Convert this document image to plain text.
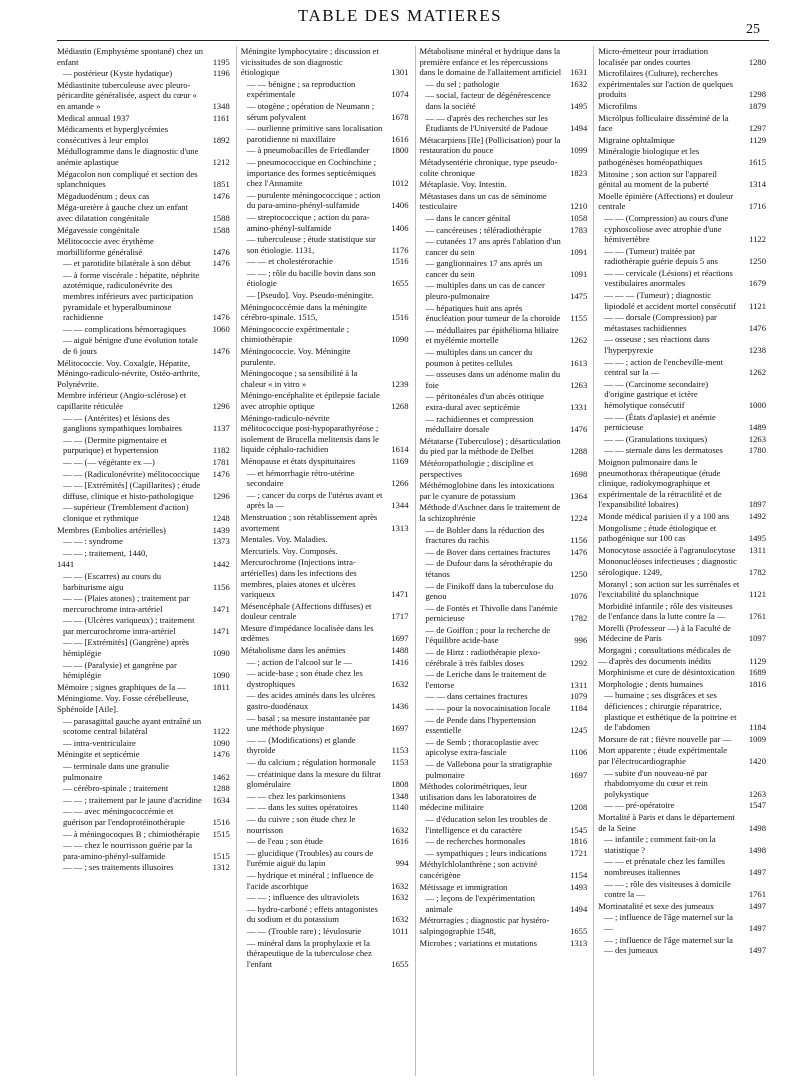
TABLE DES MATIERES
25
Médiastin (Emphysème spontané) chez un enfant	1195
— postérieur (Kyste hydatique)	1196
Médiastinite tuberculeuse avec pleuro-péricardite généralisée, aspect du cœur « en amande »	1348
Medical annual 1937	1161
Médicaments et hyperglycémies consécutives à leur emploi	1892
Médullogramme dans le diagnostic d'une anémie aplastique	1212
Mégacolon non compliqué et section des splanchniques	1851
Mégaduodénum ; deux cas	1476
Méga-uretère à gauche chez un enfant avec dilatation congénitale	1588
Mégavessie congénitale	1588
Mélitococcie avec érythème morbilliforme généralisé	1476
— et parotidite bilatérale à son début	1476
— à forme viscérale : hépatite, néphrite azotémique, radiculonévrite des membres inférieurs avec participation pyramidale et hyperalbuminose rachidienne	1476
— — complications hémorragiques	1060
— aiguë bénigne d'une évolution totale de 6 jours	1476
Mélitococcie. Voy. Coxalgie, Hépatite, Méningo-radiculo-névrite, Ostéo-arthrite, Polynévrite.
Membre inférieur (Angio-sclérose) et capillarite réticulée	1296
— — (Antérites) et lésions des ganglions sympathiques lombaires	1137
— — (Dermite pigmentaire et purpurique) et hypertension	1182
— — (— végétante ex —)	1781
— — (Radiculonévrite) mélitococcique	1476
— — [Extrémités] (Capillarites) ; étude diffuse, clinique et histo-pathologique	1296
— supérieur (Tremblement d'action) clonique et rythmique	1248
Membres (Embolies artérielles)	1439
— — : syndrome	1373
— — ; traitement, 1440,
1441	1442
— — (Escarres) au cours du barbiturisme aigu	1156
— — (Plaies atones) ; traitement par mercurochrome intra-artériel	1471
— — (Ulcères variqueux) ; traitement par mercurochrome intra-artériel	1471
— — [Extrémités] (Gangrène) après hémiplégie	1090
— — (Paralysie) et gangrène par hémiplégie	1090
Mémoire ; signes graphiques de la —	1811
Méningiome. Voy. Fosse cérébelleuse, Sphénoïde [Aile].
— parasagittal gauche ayant entraîné un scotome central bilatéral	1122
— intra-ventriculaire	1090
Méningite et septicémie	1476
— terminale dans une granulie pulmonaire	1462
— cérébro-spinale ; traitement	1288
— — ; traitement par le jaune d'acridine	1634
— — avec méningococcémie et guérison par l'endoprotéinothérapie	1516
— à méningocoques B ; chimiothérapie	1515
— — chez le nourrisson guérie par la para-amino-phényl-sulfamide	1515
— — ; ses traitements illusoires	1312
Méningite lymphocytaire ; discussion et vicissitudes de son diagnostic étiologique	1301
— — bénigne ; sa reproduction expérimentale	1074
— otogène ; opération de Neumann ; sérum polyvalent	1678
— ourlienne primitive sans localisation parotidienne ni maxillaire	1616
— à pneumobacilles de Friedlander	1800
— pneumococcique en Cochinchine ; importance des formes septicémiques chez l'Annamite	1012
— purulente méningococcique ; action du para-amino-phényl-sulfamide	1406
— streptococcique ; action du para-amino-phényl-sulfamide	1406
— tuberculeuse ; étude statistique sur son étiologie. 1131,	1176
— — et cholestérorachie	1516
— — ; rôle du bacille bovin dans son étiologie	1655
— [Pseudo]. Voy. Pseudo-méningite.
Méningococcémie dans la méningite cérébro-spinale. 1515,	1516
Méningococcie expérimentale ; chimiothérapie	1090
Méningococcie. Voy. Méningite purulente.
Méningocoque ; sa sensibilité à la chaleur « in vitro »	1239
Méningo-encéphalite et épilepsie faciale avec atrophie optique	1268
Méningo-radiculo-névrite mélitococcique post-hypoparathyréose ; isolement de Brucella melitensis dans le liquide céphalo-rachidien	1614
Ménopause et états dyspituitaires	1169
— et hémorrhagie rétro-utérine secondaire	1266
— ; cancer du corps de l'utérus avant et après la —	1344
Menstruation ; son rétablissement après avortement	1313
Mentales. Voy. Maladies.
Mercuriels. Voy. Composés.
Mercurochrome (Injections intra-artérielles) dans les infections des membres, plaies atones et ulcères variqueux	1471
Mésencéphale (Affections diffuses) et douleur centrale	1717
Mesure d'impédance localisée dans les œdèmes	1697
Métabolisme dans les anémies	1488
— ; action de l'alcool sur le —	1416
— acide-base ; son étude chez les dystrophiques	1632
— des acides aminés dans les ulcères gastro-duodénaux	1436
— basal ; sa mesure instantanée par une méthode physique	1697
— — (Modifications) et glande thyroïde	1153
— du calcium ; régulation hormonale	1153
— créatinique dans la mesure du filtrat glomérulaire	1808
— — chez les parkinsoniens	1348
— — dans les suites opératoires	1140
— du cuivre ; son étude chez le nourrisson	1632
— de l'eau ; son étude	1616
— glucidique (Troubles) au cours de l'urémie aiguë du lapin	994
— hydrique et minéral ; influence de l'acide ascorbique	1632
— — ; influence des ultraviolets	1632
— hydro-carboné ; effets antagonistes du sodium et du potassium	1632
— — (Trouble rare) ; lévulosurie	1011
— minéral dans la prophylaxie et la thérapeutique de la tuberculose chez l'enfant	1655
Métabolisme minéral et hydrique dans la première enfance et les répercussions dans le domaine de l'allaitement artificiel	1631
— du sel ; pathologie	1632
— social, facteur de dégénérescence dans la société	1495
— — d'après des recherches sur les Étudiants de l'Université de Padoue	1494
Métacarpiens [IIe] (Pollicisation) pour la restauration du pouce	1099
Métadysentérie chronique, type pseudo-colite chronique	1823
Métaplasie. Voy. Intestin.
Métastases dans un cas de séminome testiculaire	1210
— dans le cancer génital	1058
— cancéreuses ; téléradiothérapie	1783
— cutanées 17 ans après l'ablation d'un cancer du sein	1091
— ganglionnaires 17 ans après un cancer du sein	1091
— multiples dans un cas de cancer pleuro-pulmonaire	1475
— hépatiques huit ans après énucléation pour tumeur de la choroïde	1155
— médullaires par épithélioma biliaire et myélémie mortelle	1262
— multiples dans un cancer du poumon à petites cellules	1613
— osseuses dans un adénome malin du foie	1263
— péritonéales d'un abcès otitique extra-dural avec septicémie	1331
— rachidiennes et compression médullaire dorsale	1476
Métatarse (Tuberculose) ; désarticulation du pied par la méthode de Delbet	1288
Météoropathologie ; discipline et perspectives	1698
Méthémoglobine dans les intoxications par le cyanure de potassium	1364
Méthode d'Aschner dans le traitement de la schizophrénie	1224
— de Bohler dans la réduction des fractures du rachis	1156
— de Bover dans certaines fractures	1476
— de Dufour dans la sérothérapie du tétanos	1250
— de Finikoff dans la tuberculose du genou	1076
— de Fontès et Thivolle dans l'anémie pernicieuse	1782
— de Goiffon ; pour la recherche de l'équilibre acide-base	996
— de Hirtz : radiothérapie plexo-cérébrale à très faibles doses	1292
— de Leriche dans le traitement de l'entorse	1311
— — dans certaines fractures	1079
— — pour la novocainisation locale	1184
— de Pende dans l'hypertension essentielle	1245
— de Semb ; thoracoplastie avec apicolyse extra-fasciale	1106
— de Vallebona pour la stratigraphie pulmonaire	1697
Méthodes colorimétriques, leur utilisation dans les laboratoires de médecine militaire	1208
— d'éducation selon les troubles de l'intelligence et du caractère	1545
— de recherches hormonales	1816
— sympathiques ; leurs indications	1721
Méthylchlolanthrène ; son activité cancérigène	1154
Métissage et immigration	1493
— ; leçons de l'expérimentation animale	1494
Métrorragies ; diagnostic par hystéro-salpingographie 1548,	1655
Microbes ; variations et mutations	1313
Micro-émetteur pour irradiation localisée par ondes courtes	1280
Microfilaires (Culture), recherches expérimentales sur l'action de quelques produits	1298
Microfilms	1879
Micrólpus folliculaire disséminé de la face	1297
Migraine ophtalmique	1129
Minéralogie biologique et les pathogénèses homéopathiques	1615
Mitosine ; son action sur l'appareil génital au moment de la puberté	1314
Moelle épinière (Affections) et douleur centrale	1716
— — (Compression) au cours d'une cyphoscoliose avec atrophie d'une hémivertèbre	1122
— — (Tumeur) traitée par radiothérapie guérie depuis 5 ans	1250
— — cervicale (Lésions) et réactions vestibulaires anormales	1679
— — — (Tumeur) ; diagnostic lipiodolé et accident mortel consécutif	1121
— — dorsale (Compression) par métastases rachidiennes	1476
— osseuse ; ses réactions dans l'hyperpyrexie	1238
— — ; action de l'encheville-ment central sur la —	1262
— — (Carcinome secondaire) d'origine gastrique et ictère hémolytique consécutif	1000
— — (États d'aplasie) et anémie pernicieuse	1489
— — (Granulations toxiques)	1263
— — sternale dans les dermatoses	1780
Moignon pulmonaire dans le pneumothorax thérapeutique (étude clinique, radiokymographique et expérimentale de la rétractilité et de l'expansibilité lobaires)	1897
Monde médical parisien il y a 100 ans	1492
Mongolisme ; étude étiologique et pathogénique sur 100 cas	1495
Monocytose associée à l'agranulocytose	1311
Mononucléoses infectieuses ; diagnostic sérologique. 1249,	1782
Moranyl ; son action sur les surrénales et l'excitabilité du splanchnique	1121
Morbidité infantile ; rôle des visiteuses de l'enfance dans la lutte contre la —	1761
Morelli (Professeur —) à la Faculté de Médecine de Paris	1097
Morgagni ; consultations médicales de — d'après des documents inédits	1129
Morphinisme et cure de désintoxication	1689
Morphologie ; dents humaines	1816
— humaine ; ses disgrâces et ses déficiences ; chirurgie réparatrice, plastique et esthétique de la poitrine et de l'abdomen	1184
Morsure de rat ; fièvre nouvelle par —	1009
Mort apparente ; étude expérimentale par l'électrocardiographie	1420
— subite d'un nouveau-né par rhabdomyome du cœur et rein polykystique	1263
— — pré-opératoire	1547
Mortalité à Paris et dans le département de la Seine	1498
— infantile ; comment fait-on la statistique ?	1498
— — et prénatale chez les familles nombreuses italiennes	1497
— — ; rôle des visiteuses à domicile contre la —	1761
Mortinatalité et sexe des jumeaux	1497
— ; influence de l'âge maternel sur la —	1497
— ; influence de l'âge maternel sur la — des jumeaux	1497
